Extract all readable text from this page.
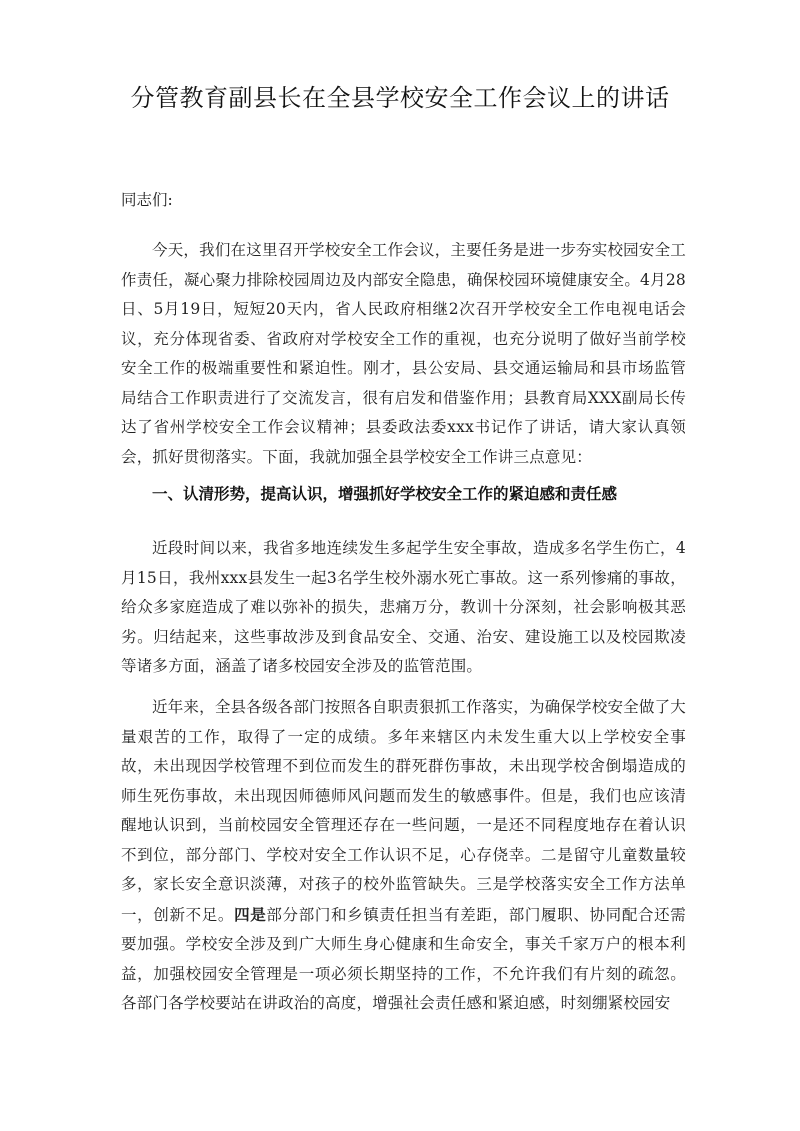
分管教育副县长在全县学校安全工作会议上的讲话

同志们:

今天，我们在这里召开学校安全工作会议，主要任务是进一步夯实校园安全工作责任，凝心聚力排除校园周边及内部安全隐患，确保校园环境健康安全。4月28日、5月19日，短短20天内，省人民政府相继2次召开学校安全工作电视电话会议，充分体现省委、省政府对学校安全工作的重视，也充分说明了做好当前学校安全工作的极端重要性和紧迫性。刚才，县公安局、县交通运输局和县市场监管局结合工作职责进行了交流发言，很有启发和借鉴作用；县教育局XXX副局长传达了省州学校安全工作会议精神；县委政法委xxx书记作了讲话，请大家认真领会，抓好贯彻落实。下面，我就加强全县学校安全工作讲三点意见：

一、认清形势，提高认识，增强抓好学校安全工作的紧迫感和责任感

近段时间以来，我省多地连续发生多起学生安全事故，造成多名学生伤亡，4月15日，我州xxx县发生一起3名学生校外溺水死亡事故。这一系列惨痛的事故，给众多家庭造成了难以弥补的损失，悲痛万分，教训十分深刻，社会影响极其恶劣。归结起来，这些事故涉及到食品安全、交通、治安、建设施工以及校园欺凌等诸多方面，涵盖了诸多校园安全涉及的监管范围。

近年来，全县各级各部门按照各自职责狠抓工作落实，为确保学校安全做了大量艰苦的工作，取得了一定的成绩。多年来辖区内未发生重大以上学校安全事故，未出现因学校管理不到位而发生的群死群伤事故，未出现学校舍倒塌造成的师生死伤事故，未出现因师德师风问题而发生的敏感事件。但是，我们也应该清醒地认识到，当前校园安全管理还存在一些问题，一是还不同程度地存在着认识不到位，部分部门、学校对安全工作认识不足，心存侥幸。二是留守儿童数量较多，家长安全意识淡薄，对孩子的校外监管缺失。三是学校落实安全工作方法单一，创新不足。四是部分部门和乡镇责任担当有差距，部门履职、协同配合还需要加强。学校安全涉及到广大师生身心健康和生命安全，事关千家万户的根本利益，加强校园安全管理是一项必须长期坚持的工作，不允许我们有片刻的疏忽。各部门各学校要站在讲政治的高度，增强社会责任感和紧迫感，时刻绷紧校园安
